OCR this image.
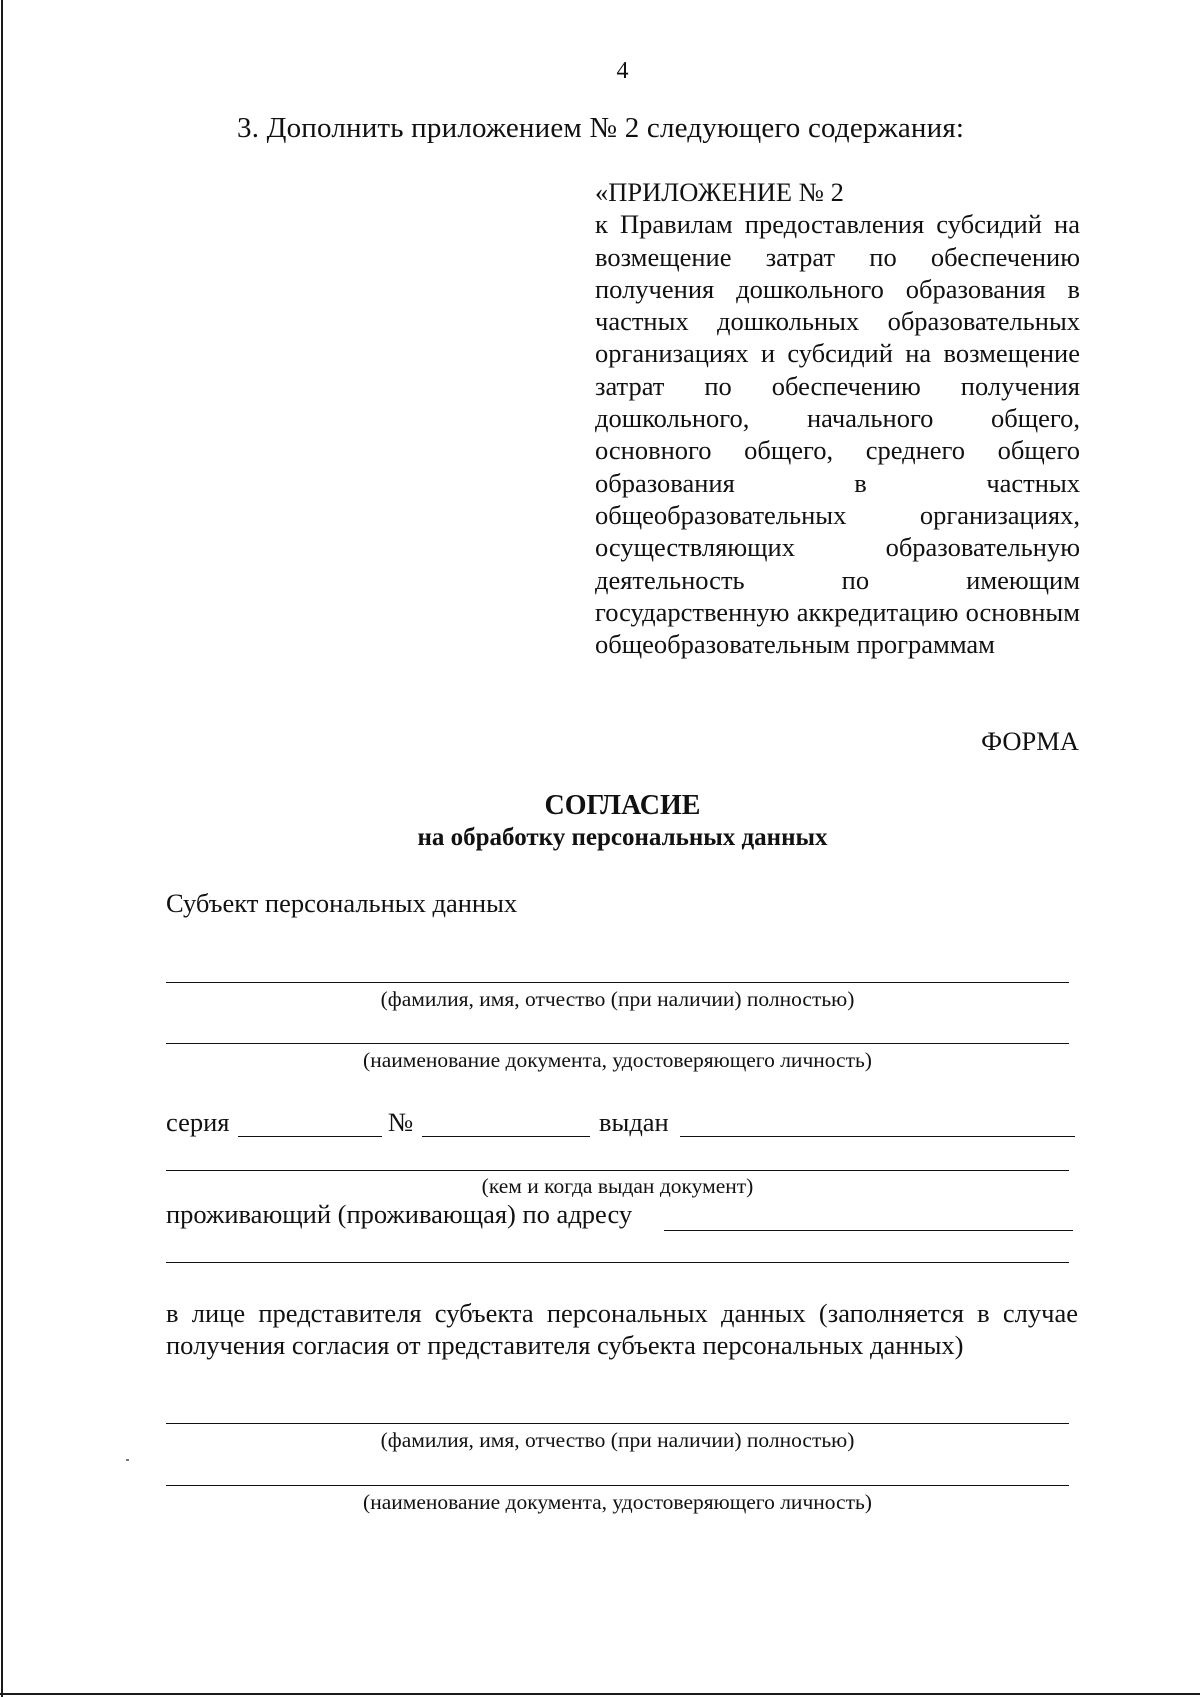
4
3. Дополнить приложением № 2 следующего содержания:
«ПРИЛОЖЕНИЕ № 2
к Правилам предоставления субсидий на возмещение затрат по обеспечению получения дошкольного образования в частных дошкольных образовательных организациях и субсидий на возмещение затрат по обеспечению получения дошкольного, начального общего, основного общего, среднего общего образования в частных общеобразовательных организациях, осуществляющих образовательную деятельность по имеющим государственную аккредитацию основным общеобразовательным программам
ФОРМА
СОГЛАСИЕ
на обработку персональных данных
Субъект персональных данных
(фамилия, имя, отчество (при наличии) полностью)
(наименование документа, удостоверяющего личность)
серия	№	выдан
(кем и когда выдан документ)
проживающий (проживающая) по адресу
в лице представителя субъекта персональных данных (заполняется в случае получения согласия от представителя субъекта персональных данных)
(фамилия, имя, отчество (при наличии) полностью)
(наименование документа, удостоверяющего личность)
